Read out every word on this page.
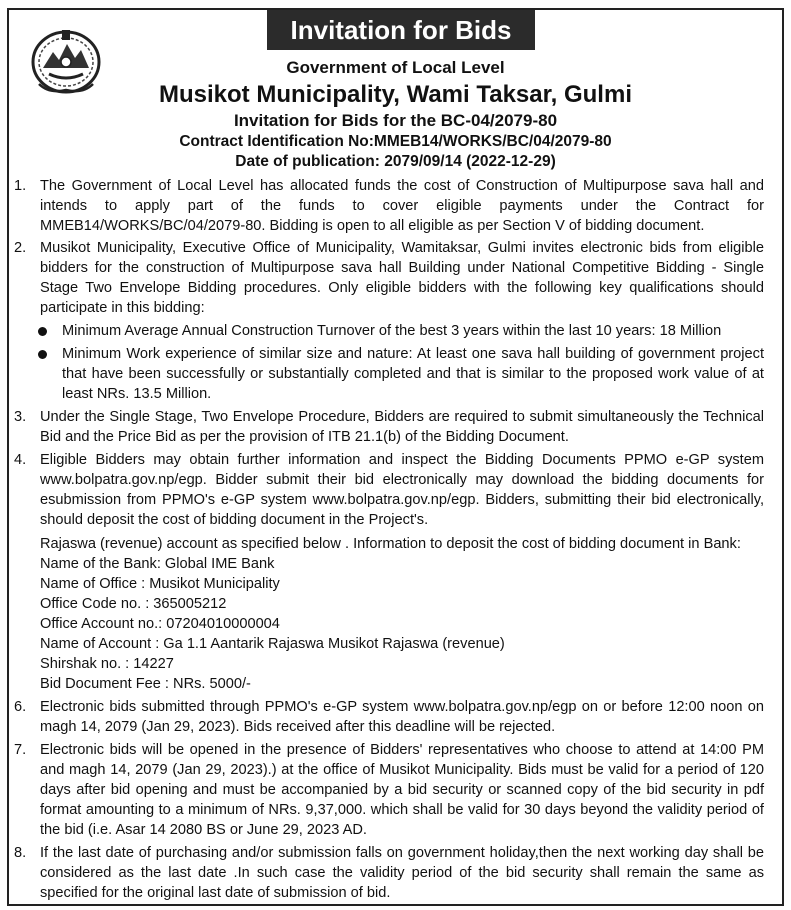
Invitation for Bids
Government of Local Level
Musikot Municipality, Wami Taksar, Gulmi
Invitation for Bids for the BC-04/2079-80
Contract Identification No:MMEB14/WORKS/BC/04/2079-80
Date of publication: 2079/09/14 (2022-12-29)
1. The Government of Local Level has allocated funds the cost of Construction of Multipurpose sava hall and intends to apply part of the funds to cover eligible payments under the Contract for MMEB14/WORKS/BC/04/2079-80. Bidding is open to all eligible as per Section V of bidding document.
2. Musikot Municipality, Executive Office of Municipality, Wamitaksar, Gulmi invites electronic bids from eligible bidders for the construction of Multipurpose sava hall Building under National Competitive Bidding - Single Stage Two Envelope Bidding procedures. Only eligible bidders with the following key qualifications should participate in this bidding:
Minimum Average Annual Construction Turnover of the best 3 years within the last 10 years: 18 Million
Minimum Work experience of similar size and nature: At least one sava hall building of government project that have been successfully or substantially completed and that is similar to the proposed work value of at least NRs. 13.5 Million.
3. Under the Single Stage, Two Envelope Procedure, Bidders are required to submit simultaneously the Technical Bid and the Price Bid as per the provision of ITB 21.1(b) of the Bidding Document.
4. Eligible Bidders may obtain further information and inspect the Bidding Documents PPMO e-GP system www.bolpatra.gov.np/egp. Bidder submit their bid electronically may download the bidding documents for esubmission from PPMO's e-GP system www.bolpatra.gov.np/egp. Bidders, submitting their bid electronically, should deposit the cost of bidding document in the Project's.
Rajaswa (revenue) account as specified below . Information to deposit the cost of bidding document in Bank:
Name of the Bank: Global IME Bank
Name of Office : Musikot Municipality
Office Code no. : 365005212
Office Account no.: 07204010000004
Name of Account : Ga 1.1 Aantarik Rajaswa Musikot Rajaswa (revenue)
Shirshak no. : 14227
Bid Document Fee : NRs. 5000/-
6. Electronic bids submitted through PPMO's e-GP system www.bolpatra.gov.np/egp on or before 12:00 noon on magh 14, 2079 (Jan 29, 2023). Bids received after this deadline will be rejected.
7. Electronic bids will be opened in the presence of Bidders' representatives who choose to attend at 14:00 PM and magh 14, 2079 (Jan 29, 2023).) at the office of Musikot Municipality. Bids must be valid for a period of 120 days after bid opening and must be accompanied by a bid security or scanned copy of the bid security in pdf format amounting to a minimum of NRs. 9,37,000. which shall be valid for 30 days beyond the validity period of the bid (i.e. Asar 14 2080 BS or June 29, 2023 AD.
8. If the last date of purchasing and/or submission falls on government holiday,then the next working day shall be considered as the last date .In such case the validity period of the bid security shall remain the same as specified for the original last date of submission of bid.
